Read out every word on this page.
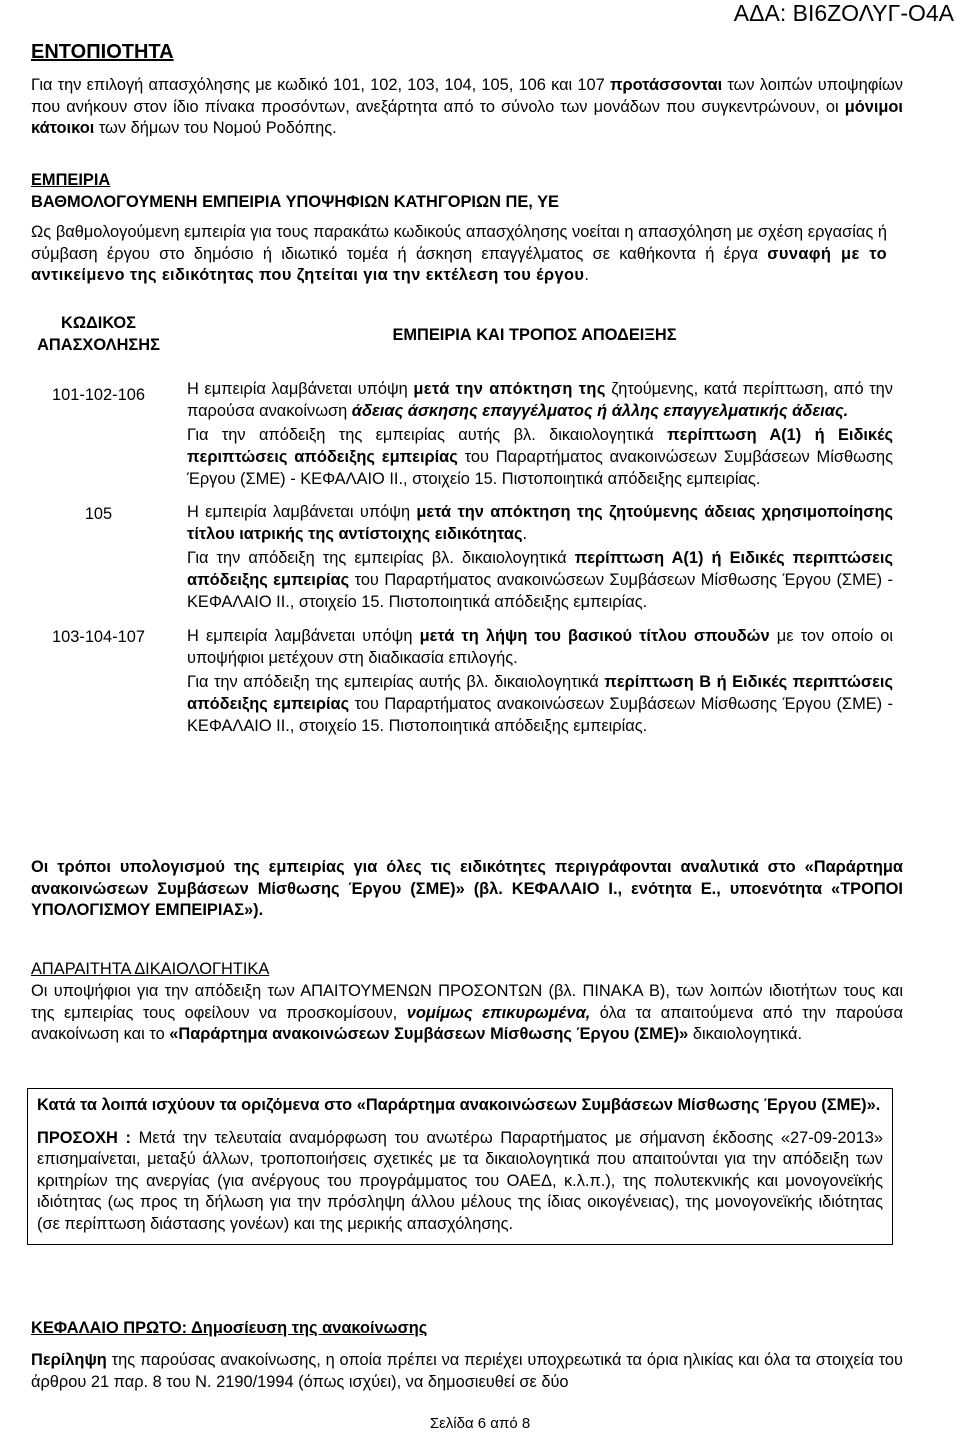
ΑΔΑ: ΒΙ6ΖΟΛΥΓ-Ο4Α
ΕΝΤΟΠΙΟΤΗΤΑ
Για την επιλογή απασχόλησης με κωδικό 101, 102, 103, 104, 105, 106 και 107 προτάσσονται των λοιπών υποψηφίων που ανήκουν στον ίδιο πίνακα προσόντων, ανεξάρτητα από το σύνολο των μονάδων που συγκεντρώνουν, οι μόνιμοι κάτοικοι των δήμων του Νομού Ροδόπης.
ΕΜΠΕΙΡΙΑ
ΒΑΘΜΟΛΟΓΟΥΜΕΝΗ ΕΜΠΕΙΡΙΑ ΥΠΟΨΗΦΙΩΝ ΚΑΤΗΓΟΡΙΩΝ ΠΕ, ΥΕ
Ως βαθμολογούμενη εμπειρία για τους παρακάτω κωδικούς απασχόλησης νοείται η απασχόληση με σχέση εργασίας ή σύμβαση έργου στο δημόσιο ή ιδιωτικό τομέα ή άσκηση επαγγέλματος σε καθήκοντα ή έργα συναφή με το αντικείμενο της ειδικότητας που ζητείται για την εκτέλεση του έργου.
ΚΩΔΙΚΟΣ ΑΠΑΣΧΟΛΗΣΗΣ	ΕΜΠΕΙΡΙΑ ΚΑΙ ΤΡΟΠΟΣ ΑΠΟΔΕΙΞΗΣ
101-102-106	Η εμπειρία λαμβάνεται υπόψη μετά την απόκτηση της ζητούμενης, κατά περίπτωση, από την παρούσα ανακοίνωση άδειας άσκησης επαγγέλματος ή άλλης επαγγελματικής άδειας.
Για την απόδειξη της εμπειρίας αυτής βλ. δικαιολογητικά περίπτωση Α(1) ή Ειδικές περιπτώσεις απόδειξης εμπειρίας του Παραρτήματος ανακοινώσεων Συμβάσεων Μίσθωσης Έργου (ΣΜΕ) - ΚΕΦΑΛΑΙΟ ΙΙ., στοιχείο 15. Πιστοποιητικά απόδειξης εμπειρίας.

105	Η εμπειρία λαμβάνεται υπόψη μετά την απόκτηση της ζητούμενης άδειας χρησιμοποίησης τίτλου ιατρικής της αντίστοιχης ειδικότητας.
Για την απόδειξη της εμπειρίας βλ. δικαιολογητικά περίπτωση Α(1) ή Ειδικές περιπτώσεις απόδειξης εμπειρίας του Παραρτήματος ανακοινώσεων Συμβάσεων Μίσθωσης Έργου (ΣΜΕ) - ΚΕΦΑΛΑΙΟ ΙΙ., στοιχείο 15. Πιστοποιητικά απόδειξης εμπειρίας.

103-104-107	Η εμπειρία λαμβάνεται υπόψη μετά τη λήψη του βασικού τίτλου σπουδών με τον οποίο οι υποψήφιοι μετέχουν στη διαδικασία επιλογής.
Για την απόδειξη της εμπειρίας αυτής βλ. δικαιολογητικά περίπτωση Β ή Ειδικές περιπτώσεις απόδειξης εμπειρίας του Παραρτήματος ανακοινώσεων Συμβάσεων Μίσθωσης Έργου (ΣΜΕ) - ΚΕΦΑΛΑΙΟ ΙΙ., στοιχείο 15. Πιστοποιητικά απόδειξης εμπειρίας.
Οι τρόποι υπολογισμού της εμπειρίας για όλες τις ειδικότητες περιγράφονται αναλυτικά στο «Παράρτημα ανακοινώσεων Συμβάσεων Μίσθωσης Έργου (ΣΜΕ)» (βλ. ΚΕΦΑΛΑΙΟ Ι., ενότητα Ε., υποενότητα «ΤΡΟΠΟΙ ΥΠΟΛΟΓΙΣΜΟΥ ΕΜΠΕΙΡΙΑΣ»).
ΑΠΑΡΑΙΤΗΤΑ ΔΙΚΑΙΟΛΟΓΗΤΙΚΑ
Οι υποψήφιοι για την απόδειξη των ΑΠΑΙΤΟΥΜΕΝΩΝ ΠΡΟΣΟΝΤΩΝ (βλ. ΠΙΝΑΚΑ Β), των λοιπών ιδιοτήτων τους και της εμπειρίας τους οφείλουν να προσκομίσουν, νομίμως επικυρωμένα, όλα τα απαιτούμενα από την παρούσα ανακοίνωση και το «Παράρτημα ανακοινώσεων Συμβάσεων Μίσθωσης Έργου (ΣΜΕ)» δικαιολογητικά.

Κατά τα λοιπά ισχύουν τα οριζόμενα στο «Παράρτημα ανακοινώσεων Συμβάσεων Μίσθωσης Έργου (ΣΜΕ)».

ΠΡΟΣΟΧΗ : Μετά την τελευταία αναμόρφωση του ανωτέρω Παραρτήματος με σήμανση έκδοσης «27-09-2013» επισημαίνεται, μεταξύ άλλων, τροποποιήσεις σχετικές με τα δικαιολογητικά που απαιτούνται για την απόδειξη των κριτηρίων της ανεργίας (για ανέργους του προγράμματος του ΟΑΕΔ, κ.λ.π.), της πολυτεκνικής και μονογονεϊκής ιδιότητας (ως προς τη δήλωση για την πρόσληψη άλλου μέλους της ίδιας οικογένειας), της μονογονεϊκής ιδιότητας (σε περίπτωση διάστασης γονέων) και της μερικής απασχόλησης.

ΚΕΦΑΛΑΙΟ ΠΡΩΤΟ: Δημοσίευση της ανακοίνωσης
Περίληψη της παρούσας ανακοίνωσης, η οποία πρέπει να περιέχει υποχρεωτικά τα όρια ηλικίας και όλα τα στοιχεία του άρθρου 21 παρ. 8 του Ν. 2190/1994 (όπως ισχύει), να δημοσιευθεί σε δύο
Σελίδα 6 από 8
